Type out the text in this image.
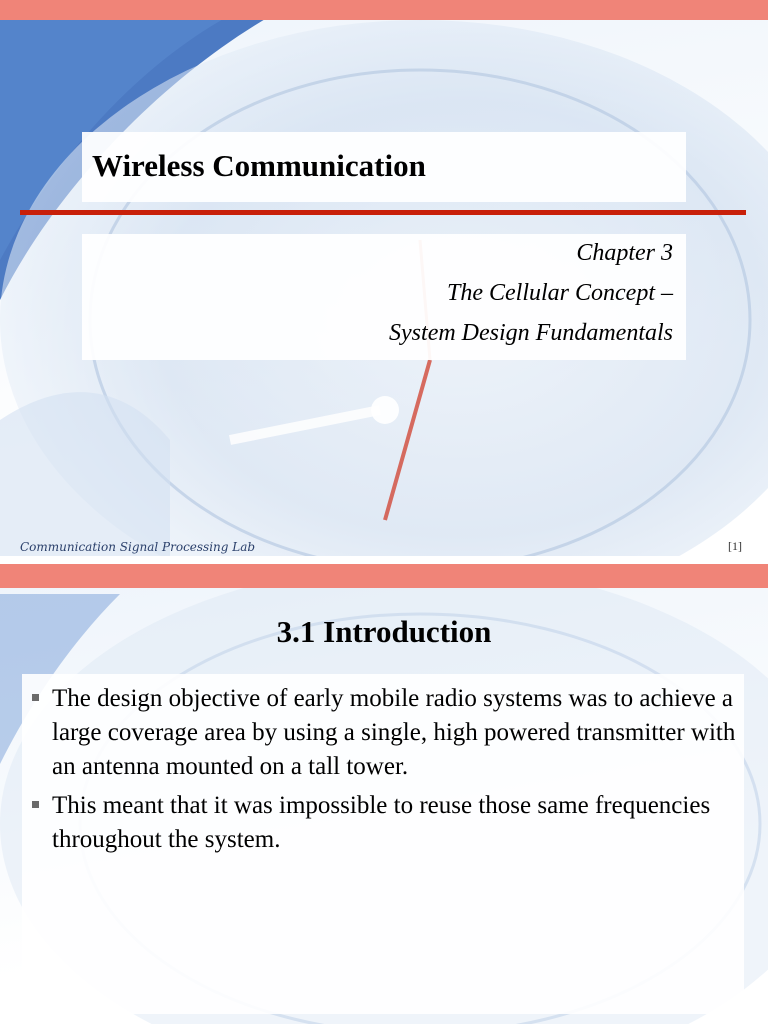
Wireless Communication
Chapter 3
The Cellular Concept –
System Design Fundamentals
Communication Signal Processing Lab	[1]
3.1 Introduction
The design objective of early mobile radio systems was to achieve a large coverage area by using a single, high powered transmitter with an antenna mounted on a tall tower.
This meant that it was impossible to reuse those same frequencies throughout the system.
